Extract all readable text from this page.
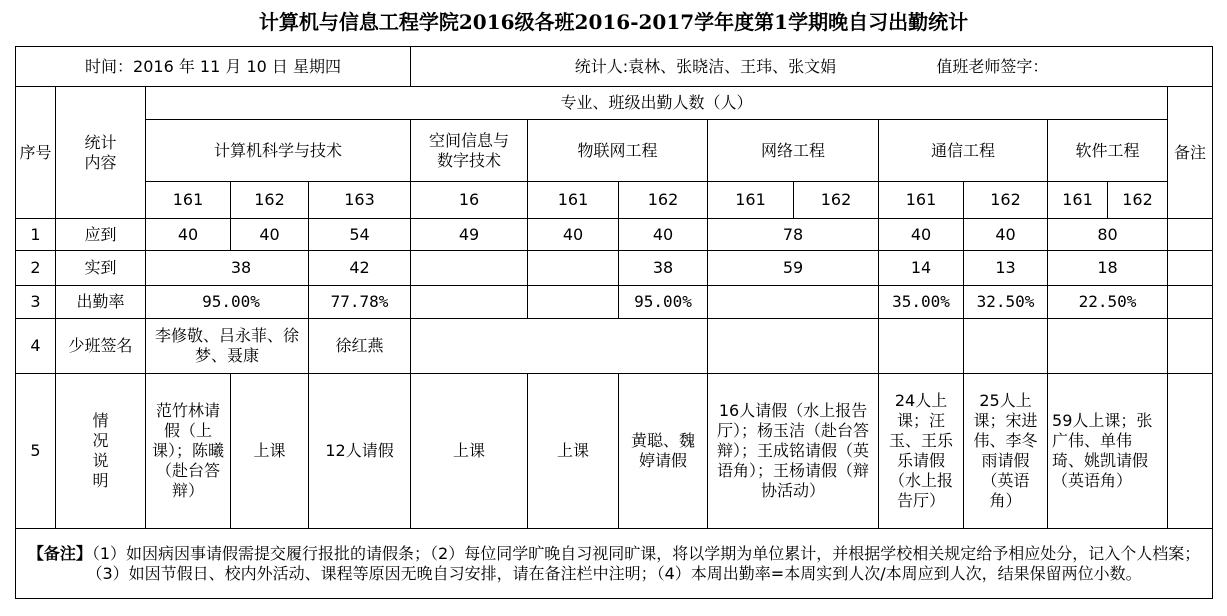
计算机与信息工程学院2016级各班2016-2017学年度第1学期晚自习出勤统计
时间：2016 年 11 月 10 日 星期四					统计人:袁林、张晓洁、王玮、张文娟 值班老师签字：									
序号	统计内容	专业、班级出勤人数（人）												备注
		计算机科学与技术			空间信息与数字技术	物联网工程		网络工程		通信工程		软件工程		
		161	162	163	16	161	162	161	162	161	162	161	162	
1	应到	40	40	54	49	40	40	78		40	40	80		
2	实到	38		42			38	59		14	13	18		
3	出勤率	95.00%		77.78%			95.00%			35.00%	32.50%	22.50%		
4	少班签名	李修敬、吕永菲、徐梦、聂康		徐红燕										
5	情况说明	范竹林请假（上课）；陈曦（赴台答辩）	上课	12人请假	上课	上课	黄聪、魏婷请假	16人请假（水上报告厅）；杨玉洁（赴台答辩）；王成铭请假（英语角）；王杨请假（辩协活动）		24人上课；汪玉、王乐乐请假（水上报告厅）	25人上课；宋进伟、李冬雨请假（英语角）	59人上课；张广伟、单伟琦、姚凯请假（英语角）		
【备注】（1）如因病因事请假需提交履行报批的请假条；（2）每位同学旷晚自习视同旷课，将以学期为单位累计，并根据学校相关规定给予相应处分，记入个人档案；（3）如因节假日、校内外活动、课程等原因无晚自习安排，请在备注栏中注明；（4）本周出勤率=本周实到人次/本周应到人次，结果保留两位小数。														
